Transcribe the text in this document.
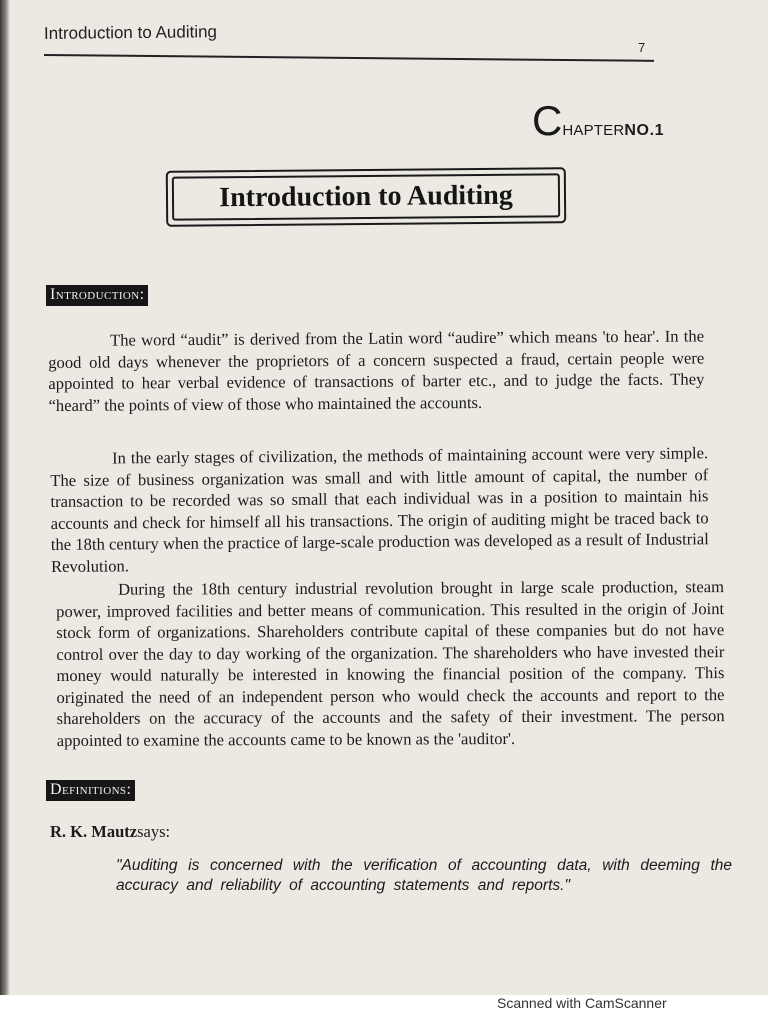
Introduction to Auditing
7
CHAPTERNO.1
Introduction to Auditing
Introduction:

The word “audit” is derived from the Latin word “audire” which means 'to hear'. In the good old days whenever the proprietors of a concern suspected a fraud, certain people were appointed to hear verbal evidence of transactions of barter etc., and to judge the facts. They “heard” the points of view of those who maintained the accounts.

In the early stages of civilization, the methods of maintaining account were very simple. The size of business organization was small and with little amount of capital, the number of transaction to be recorded was so small that each individual was in a position to maintain his accounts and check for himself all his transactions. The origin of auditing might be traced back to the 18th century when the practice of large-scale production was developed as a result of Industrial Revolution.

During the 18th century industrial revolution brought in large scale production, steam power, improved facilities and better means of communication. This resulted in the origin of Joint stock form of organizations. Shareholders contribute capital of these companies but do not have control over the day to day working of the organization. The shareholders who have invested their money would naturally be interested in knowing the financial position of the company. This originated the need of an independent person who would check the accounts and report to the shareholders on the accuracy of the accounts and the safety of their investment. The person appointed to examine the accounts came to be known as the 'auditor'.

Definitions:
R. K. Mautzsays:

"Auditing is concerned with the verification of accounting data, with deeming the accuracy and reliability of accounting statements and reports."

Scanned with CamScanner
